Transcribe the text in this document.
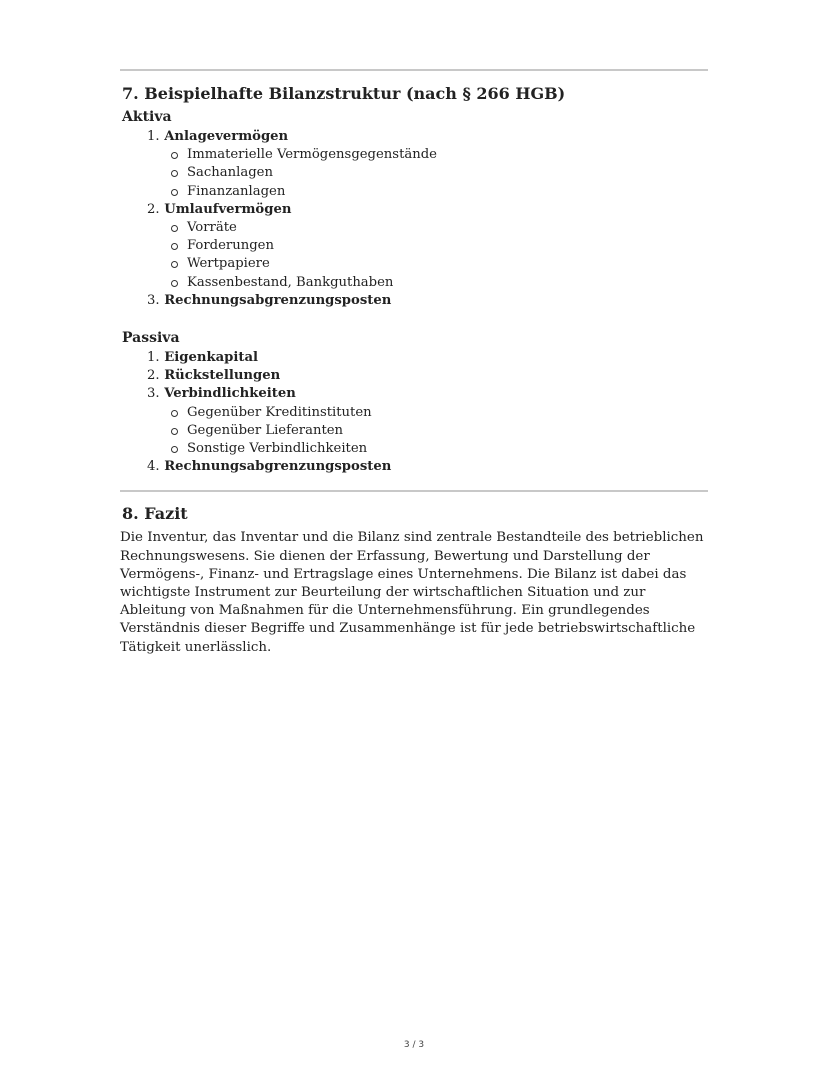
7. Beispielhafte Bilanzstruktur (nach § 266 HGB)
Aktiva
1. Anlagevermögen
Immaterielle Vermögensgegenstände
Sachanlagen
Finanzanlagen
2. Umlaufvermögen
Vorräte
Forderungen
Wertpapiere
Kassenbestand, Bankguthaben
3. Rechnungsabgrenzungsposten
Passiva
1. Eigenkapital
2. Rückstellungen
3. Verbindlichkeiten
Gegenüber Kreditinstituten
Gegenüber Lieferanten
Sonstige Verbindlichkeiten
4. Rechnungsabgrenzungsposten
8. Fazit

Die Inventur, das Inventar und die Bilanz sind zentrale Bestandteile des betrieblichen Rechnungswesens. Sie dienen der Erfassung, Bewertung und Darstellung der Vermögens-, Finanz- und Ertragslage eines Unternehmens. Die Bilanz ist dabei das wichtigste Instrument zur Beurteilung der wirtschaftlichen Situation und zur Ableitung von Maßnahmen für die Unternehmensführung. Ein grundlegendes Verständnis dieser Begriffe und Zusammenhänge ist für jede betriebswirtschaftliche Tätigkeit unerlässlich.

3 / 3
